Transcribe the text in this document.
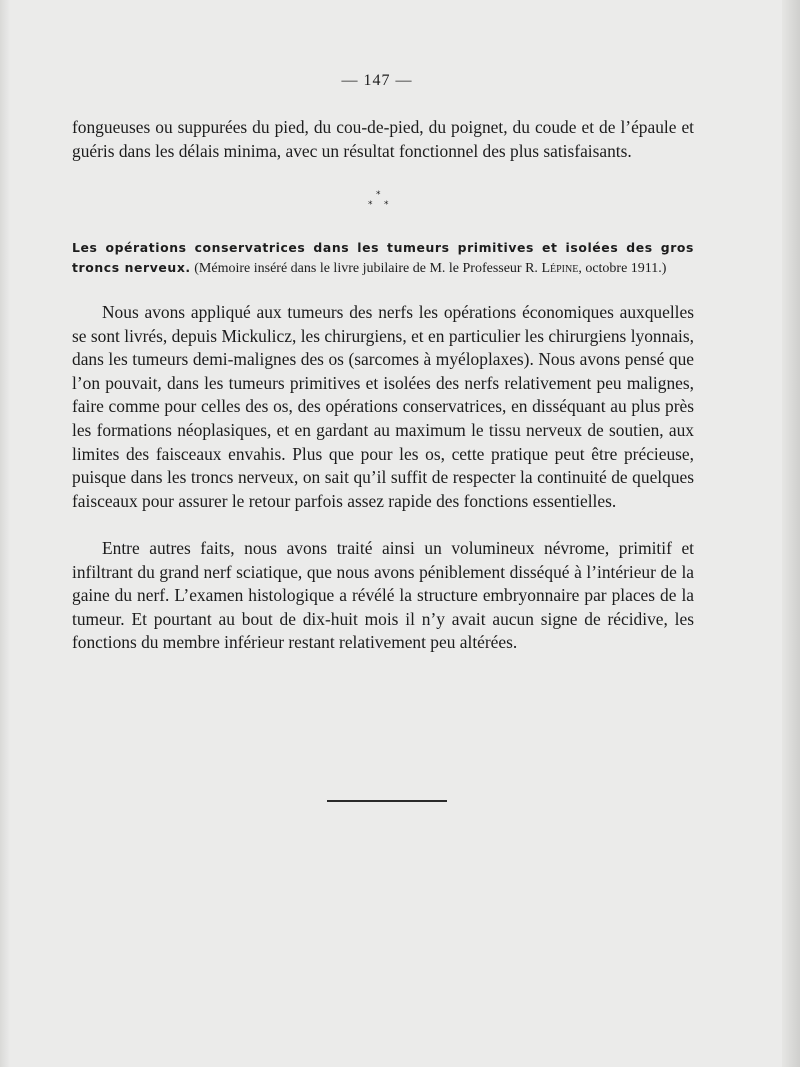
— 147 —

fongueuses ou suppurées du pied, du cou-de-pied, du poignet, du coude et de l’épaule et guéris dans les délais minima, avec un résultat fonctionnel des plus satisfaisants.

*
* *

Les opérations conservatrices dans les tumeurs primitives et isolées des gros troncs nerveux. (Mémoire inséré dans le livre jubilaire de M. le Professeur R. Lépine, octobre 1911.)

Nous avons appliqué aux tumeurs des nerfs les opérations économiques auxquelles se sont livrés, depuis Mickulicz, les chirurgiens, et en particulier les chirurgiens lyonnais, dans les tumeurs demi-malignes des os (sarcomes à myéloplaxes). Nous avons pensé que l’on pouvait, dans les tumeurs primitives et isolées des nerfs relativement peu malignes, faire comme pour celles des os, des opérations conservatrices, en disséquant au plus près les formations néoplasiques, et en gardant au maximum le tissu nerveux de soutien, aux limites des faisceaux envahis. Plus que pour les os, cette pratique peut être précieuse, puisque dans les troncs nerveux, on sait qu’il suffit de respecter la continuité de quelques faisceaux pour assurer le retour parfois assez rapide des fonctions essentielles.

Entre autres faits, nous avons traité ainsi un volumineux névrome, primitif et infiltrant du grand nerf sciatique, que nous avons péniblement disséqué à l’intérieur de la gaine du nerf. L’examen histologique a révélé la structure embryonnaire par places de la tumeur. Et pourtant au bout de dix-huit mois il n’y avait aucun signe de récidive, les fonctions du membre inférieur restant relativement peu altérées.
